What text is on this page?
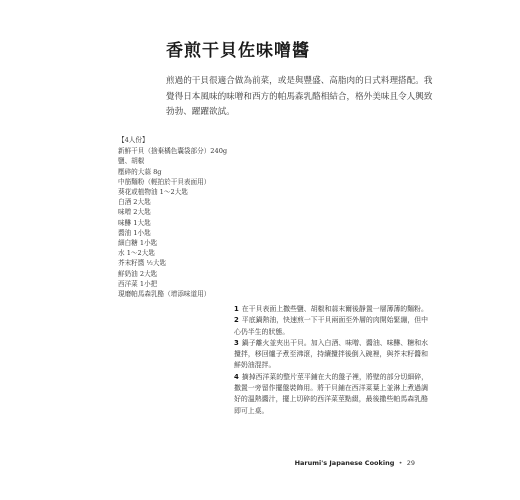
香煎干貝佐味噌醬

煎過的干貝很適合做為前菜，或是與豐盛、高脂肉的日式料理搭配。我覺得日本風味的味噌和西方的帕馬森乳酪相結合，格外美味且令人興致勃勃、躍躍欲試。

【4人份】
新鮮干貝（捨棄橘色囊袋部分）240g
鹽、胡椒
壓碎的大蒜 8g
中筋麵粉（輕拍於干貝表面用）
葵花或植物油 1～2大匙
白酒 2大匙
味噌 2大匙
味醂 1大匙
醬油 1小匙
細白糖 1小匙
水 1～2大匙
芥末籽醬 ½大匙
鮮奶油 2大匙
西洋菜 1小把
現磨帕馬森乳酪（增添味道用）

1 在干貝表面上撒些鹽、胡椒和蒜末爾後靜置一層薄薄的麵粉。

2 平底鍋熱油，快速煎一下干貝兩面至外層的肉開始緊繃，但中心仍半生的狀態。

3 鍋子離火並夾出干貝。加入白酒、味噌、醬油、味醂、糖和水攪拌，移回爐子煮至沸滾，持續攪拌後倒入碗裡，與芥末籽醬和鮮奶油混拌。

4 摘掉西洋菜的整片莖平鋪在大的盤子裡，將壁的部分切細碎，撒置一旁留作擺盤裝飾用。將干貝鋪在西洋菜葉上並淋上煮過調好的溫熱醬汁，擺上切碎的西洋菜莖點綴，最後撒些帕馬森乳酪即可上桌。

Harumi's Japanese Cooking • 29
